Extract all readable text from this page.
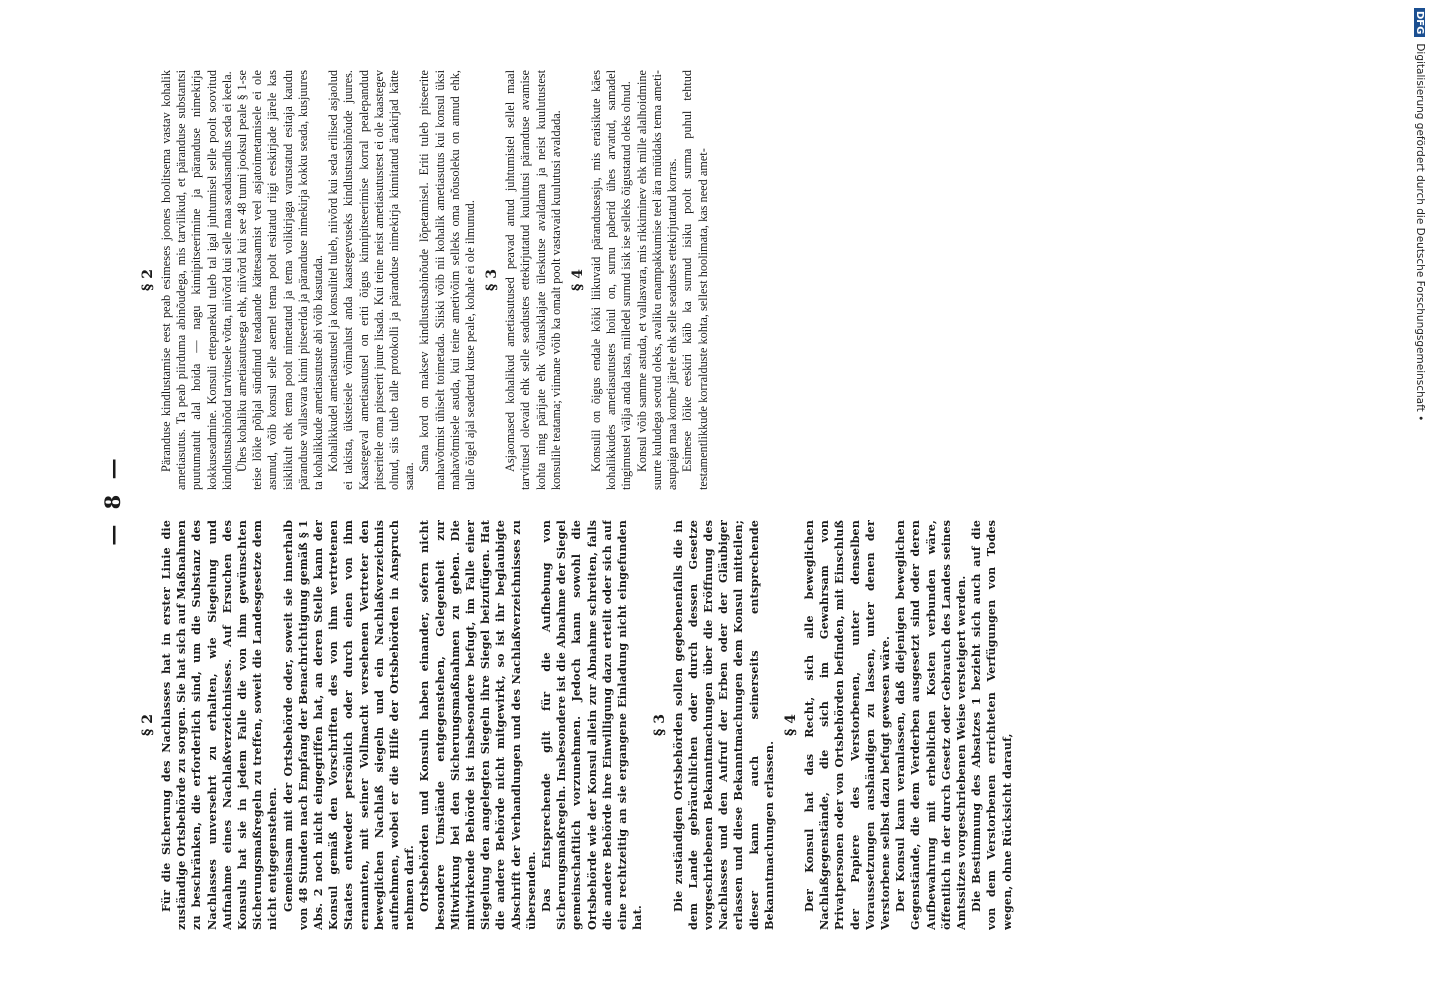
— 8 —
§ 2 Für die Sicherung des Nachlasses hat in erster Linie die zuständige Ortsbehörde zu sorgen. Sie hat sich auf Maßnahmen zu beschränken, die erforderlich sind, um die Substanz des Nachlasses unversehrt zu erhalten, wie Siegelung und Aufnahme eines Nachlaßverzeichnisses. Auf Ersuchen des Konsuls hat sie in jedem Falle die von ihm gewünschten Sicherungsmaßregeln zu treffen, soweit die Landesgesetze dem nicht entgegenstehen. Gemeinsam mit der Ortsbehörde oder, soweit sie innerhalb von 48 Stunden nach Empfang der Benachrichtigung gemäß § 1 Abs. 2 noch nicht eingegriffen hat, an deren Stelle kann der Konsul gemäß den Vorschriften des von ihm vertretenen Staates entweder persönlich oder durch einen von ihm ernannten, mit seiner Vollmacht versehenen Vertreter den beweglichen Nachlaß siegeln und ein Nachlaßverzeichnis aufnehmen, wobei er die Hilfe der Ortsbehörden in Anspruch nehmen darf. Ortsbehörden und Konsuln haben einander, sofern nicht besondere Umstände entgegenstehen, Gelegenheit zur Mitwirkung bei den Sicherungsmaßnahmen zu geben. Die mitwirkende Behörde ist insbesondere befugt, im Falle einer Siegelung den angelegten Siegeln ihre Siegel beizufügen. Hat die andere Behörde nicht mitgewirkt, so ist ihr beglaubigte Abschrift der Verhandlungen und des Nachlaßverzeichnisses zu übersenden. Das Entsprechende gilt für die Aufhebung von Sicherungsmaßregeln. Insbesondere ist die Abnahme der Siegel gemeinschaftlich vorzunehmen. Jedoch kann sowohl die Ortsbehörde wie der Konsul allein zur Abnahme schreiten, falls die andere Behörde ihre Einwilligung dazu erteilt oder sich auf eine rechtzeitig an sie ergangene Einladung nicht eingefunden hat.

§ 3 Die zuständigen Ortsbehörden sollen gegebenenfalls die in dem Lande gebräuchlichen oder durch dessen Gesetze vorgeschriebenen Bekanntmachungen über die Eröffnung des Nachlasses und den Aufruf der Erben oder der Gläubiger erlassen und diese Bekanntmachungen dem Konsul mitteilen; dieser kann auch seinerseits entsprechende Bekanntmachungen erlassen.

§ 4 Der Konsul hat das Recht, sich alle beweglichen Nachlaßgegenstände, die sich im Gewahrsam von Privatpersonen oder von Ortsbehörden befinden, mit Einschluß der Papiere des Verstorbenen, unter denselben Voraussetzungen aushändigen zu lassen, unter denen der Verstorbene selbst dazu befugt gewesen wäre. Der Konsul kann veranlassen, daß diejenigen beweglichen Gegenstände, die dem Verderben ausgesetzt sind oder deren Aufbewahrung mit erheblichen Kosten verbunden wäre, öffentlich in der durch Gesetz oder Gebrauch des Landes seines Amtssitzes vorgeschriebenen Weise versteigert werden. Die Bestimmung des Absatzes 1 bezieht sich auch auf die von dem Verstorbenen errichteten Verfügungen von Todes wegen, ohne Rücksicht darauf,

§ 2 Päranduse kindlustamise eest peab esimeses joones hoolitsema vastav kohalik ametiasutus. Ta peab piirduma abinõudega, mis tarvilikud, et päranduse substantsi puutumatult alal hoida — nagu kinnipitseerimine ja päranduse nimekirja kokkuseadmine. Konsuli ettepanekul tuleb tal igal juhtumisel selle poolt soovitud kindlustusabinõud tarvitusele võtta, niivõrd kui selle maa seadusandlus seda ei keela. Ühes kohaliku ametiasutusega ehk, niivõrd kui see 48 tunni jooksul peale § 1-se teise lõike põhjal sündinud teadaande kättesaamist veel asjatoimetamisele ei ole asunud, võib konsul selle asemel tema poolt esitatud riigi eeskirjade järele kas isiklikult ehk tema poolt nimetatud ja tema volikirjaga varustatud esitaja kaudu päranduse vallasvara kinni pitseerida ja päranduse nimekirja kokku seada, kusjuures ta kohalikkude ametiasutuste abi võib kasutada. Kohalikkudel ametiasutustel ja konsulitel tuleb, niivõrd kui seda erilised asjaolud ei takista, üksteisele võimalust anda kaastegevuseks kindlustusabinõude juures. Kaastegeval ametiasutusel on eriti õigus kinnipitseerimise korral pealepandud pitseritele oma pitseerit juure lisada. Kui teine neist ametiasutustest ei ole kaastegev olnud, siis tuleb talle protokolli ja päranduse nimekirja kinnitatud ärakirjad kätte saata.

Sama kord on maksev kindlustusabinõude lõpetamisel. Eriti tuleb pitseerite mahavõtmist ühiselt toimetada. Siiski võib nii kohalik ametiasutus kui konsul üksi mahavõtmisele asuda, kui teine ametivõim selleks oma nõusoleku on annud ehk, talle õigel ajal seadetud kutse peale, kohale ei ole ilmunud. § 3 Asjaomased kohalikud ametiasutused peavad antud juhtumistel sellel maal tarvitusel olevaid ehk selle seadustes ettekirjutatud kuulutusi päranduse avamise kohta ning pärijate ehk võlausklajate üleskutse avaldama ja neist kuulutustest konsulile teatama; viimane võib ka omalt poolt vastavaid kuulutusi avaldada. § 4 Konsulil on õigus endale kõiki liikuvaid päranduseasju, mis eraisikute käes kohalikkudes ametiasutustes hoiul on, surnu paberid ühes arvatud, samadel tingimustel välja anda lasta, milledel surnud isik ise selleks õigustatud oleks olnud. Konsul võib samme astuda, et vallasvara, mis rikkiminev ehk mille alalhoidmine suurte kuludega seotud oleks, avaliku enampakkumise teel ära müüdaks tema ameti-asupaiga maa kombe järele ehk selle seaduses ettekirjutatud korras. Esimese lõike eeskiri käib ka surnud isiku poolt surma puhul tehtud testamentlikkude korralduste kohta, sellest hoolimata, kas need amet-

DFGDigitalisierung gefördert durch die Deutsche Forschungsgemeinschaft •
